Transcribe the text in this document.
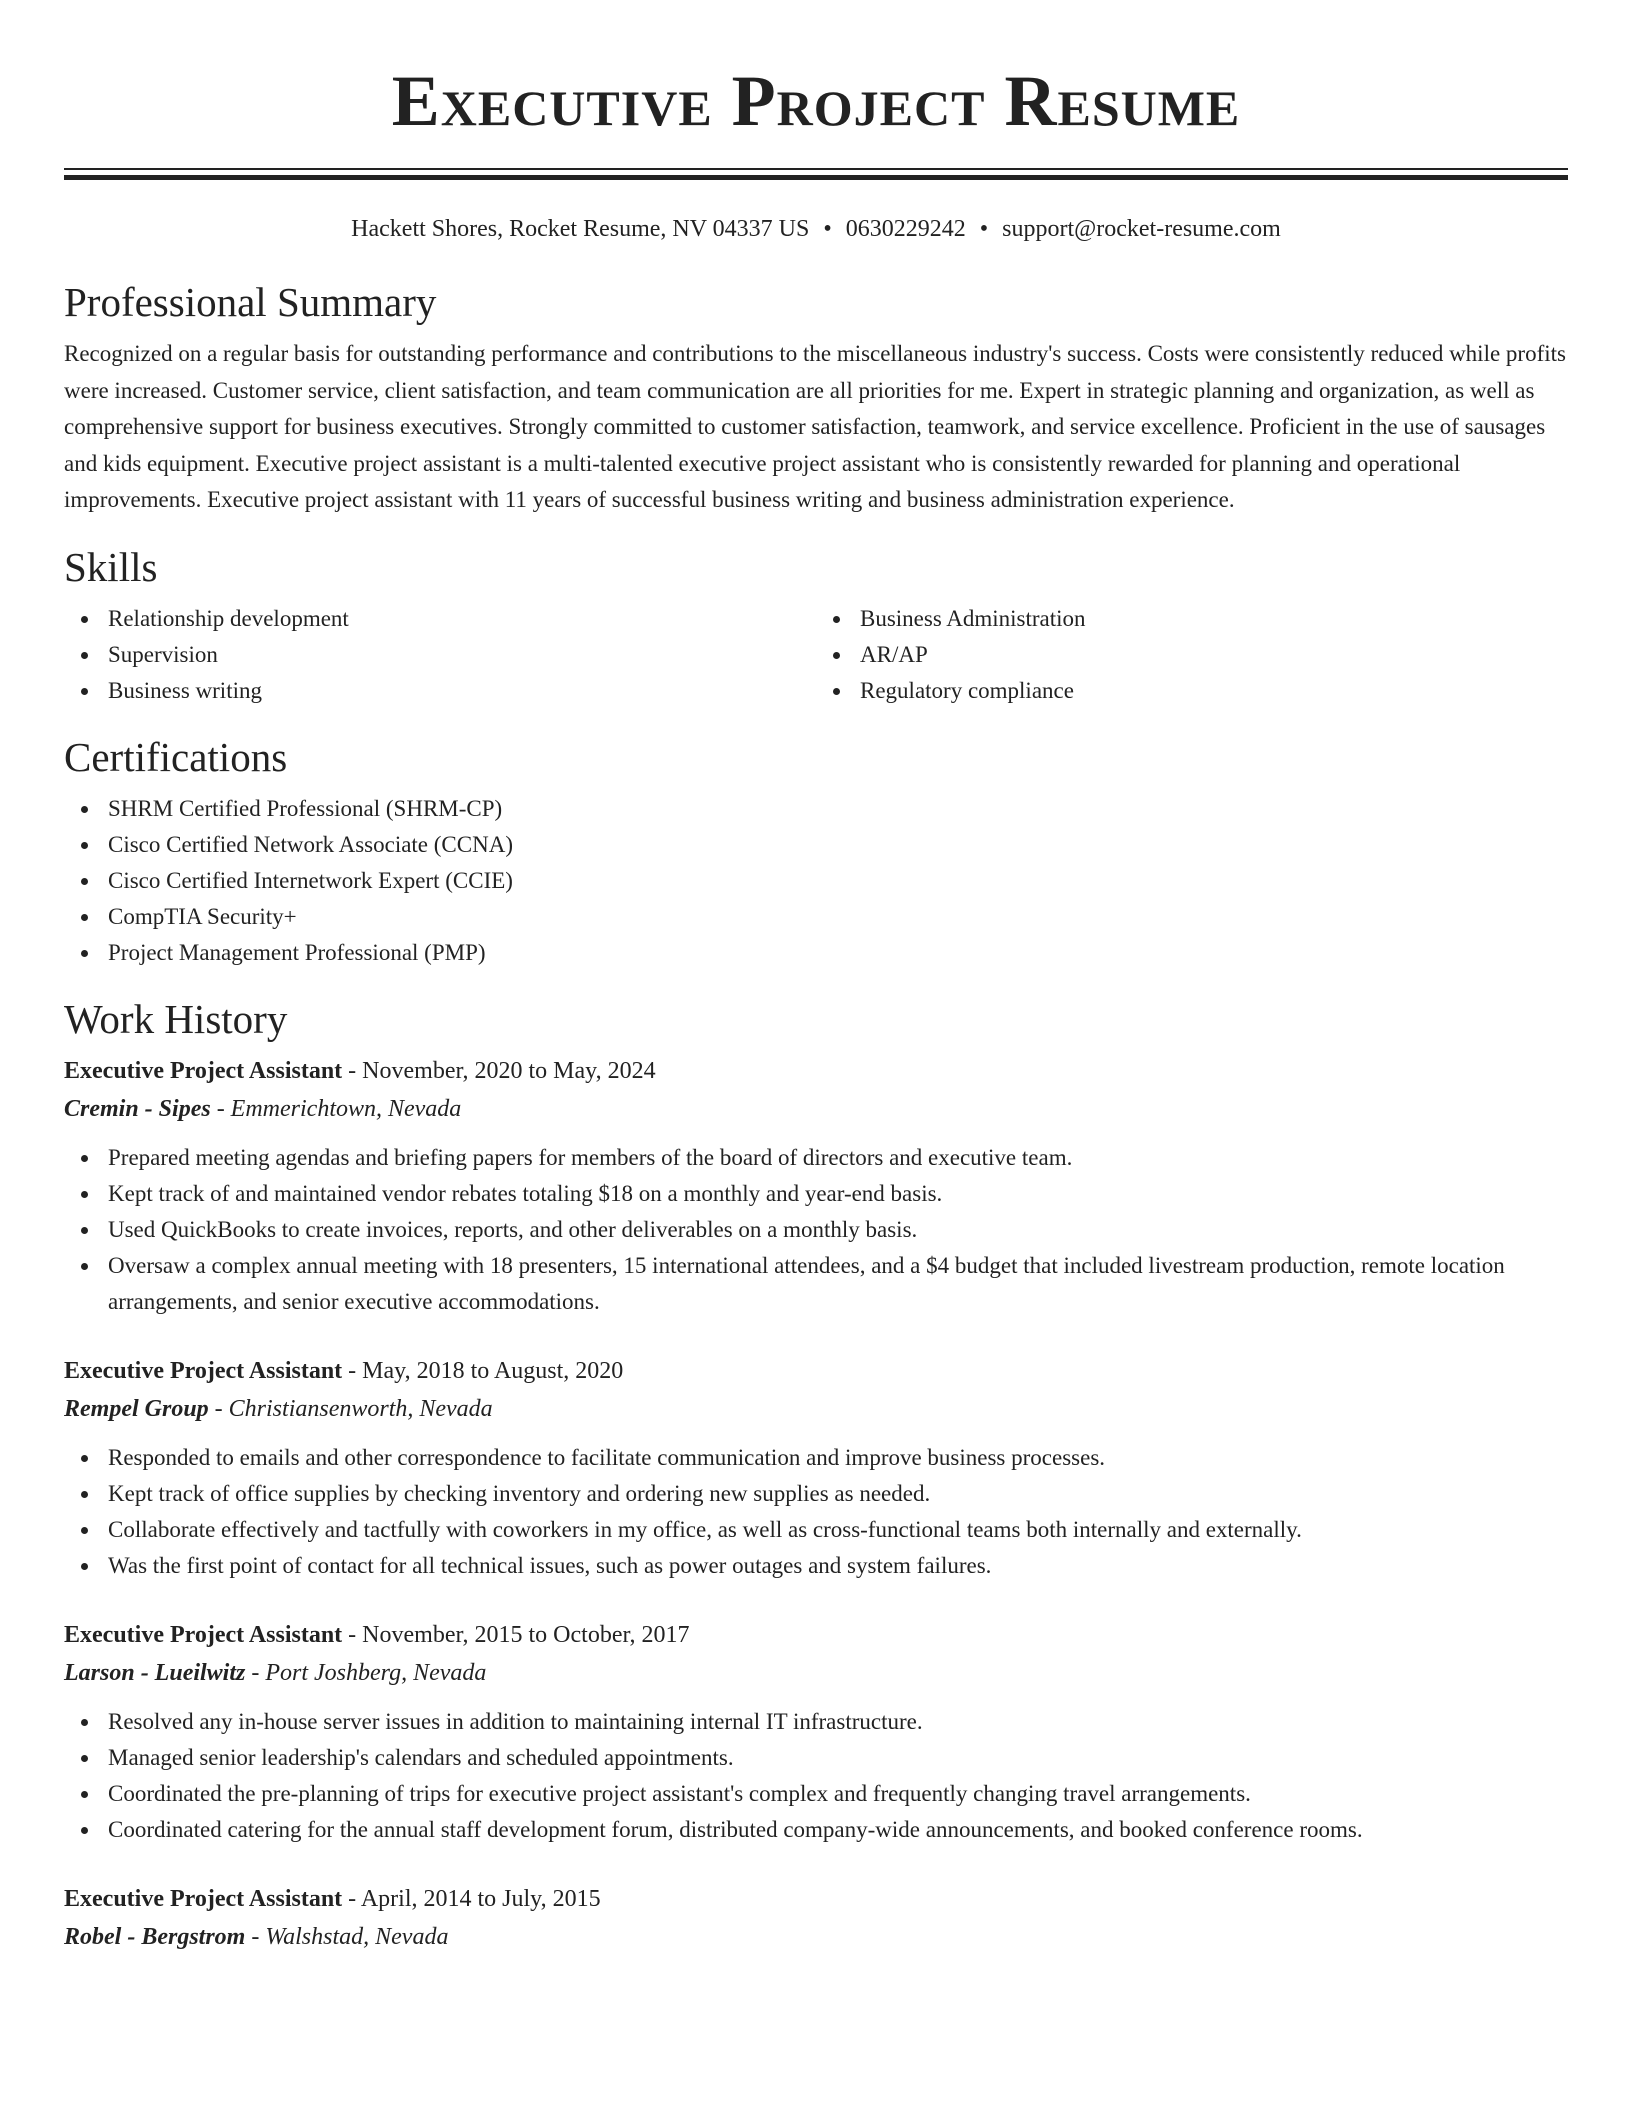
Executive Project Resume
Hackett Shores, Rocket Resume, NV 04337 US • 0630229242 • support@rocket-resume.com
Professional Summary

Recognized on a regular basis for outstanding performance and contributions to the miscellaneous industry's success. Costs were consistently reduced while profits were increased. Customer service, client satisfaction, and team communication are all priorities for me. Expert in strategic planning and organization, as well as comprehensive support for business executives. Strongly committed to customer satisfaction, teamwork, and service excellence. Proficient in the use of sausages and kids equipment. Executive project assistant is a multi-talented executive project assistant who is consistently rewarded for planning and operational improvements. Executive project assistant with 11 years of successful business writing and business administration experience.

Skills
Relationship development
Supervision
Business writing
Business Administration
AR/AP
Regulatory compliance
Certifications
SHRM Certified Professional (SHRM-CP)
Cisco Certified Network Associate (CCNA)
Cisco Certified Internetwork Expert (CCIE)
CompTIA Security+
Project Management Professional (PMP)
Work History
Executive Project Assistant - November, 2020 to May, 2024
Cremin - Sipes - Emmerichtown, Nevada
Prepared meeting agendas and briefing papers for members of the board of directors and executive team.
Kept track of and maintained vendor rebates totaling $18 on a monthly and year-end basis.
Used QuickBooks to create invoices, reports, and other deliverables on a monthly basis.
Oversaw a complex annual meeting with 18 presenters, 15 international attendees, and a $4 budget that included livestream production, remote location arrangements, and senior executive accommodations.
Executive Project Assistant - May, 2018 to August, 2020
Rempel Group - Christiansenworth, Nevada
Responded to emails and other correspondence to facilitate communication and improve business processes.
Kept track of office supplies by checking inventory and ordering new supplies as needed.
Collaborate effectively and tactfully with coworkers in my office, as well as cross-functional teams both internally and externally.
Was the first point of contact for all technical issues, such as power outages and system failures.
Executive Project Assistant - November, 2015 to October, 2017
Larson - Lueilwitz - Port Joshberg, Nevada
Resolved any in-house server issues in addition to maintaining internal IT infrastructure.
Managed senior leadership's calendars and scheduled appointments.
Coordinated the pre-planning of trips for executive project assistant's complex and frequently changing travel arrangements.
Coordinated catering for the annual staff development forum, distributed company-wide announcements, and booked conference rooms.
Executive Project Assistant - April, 2014 to July, 2015
Robel - Bergstrom - Walshstad, Nevada
